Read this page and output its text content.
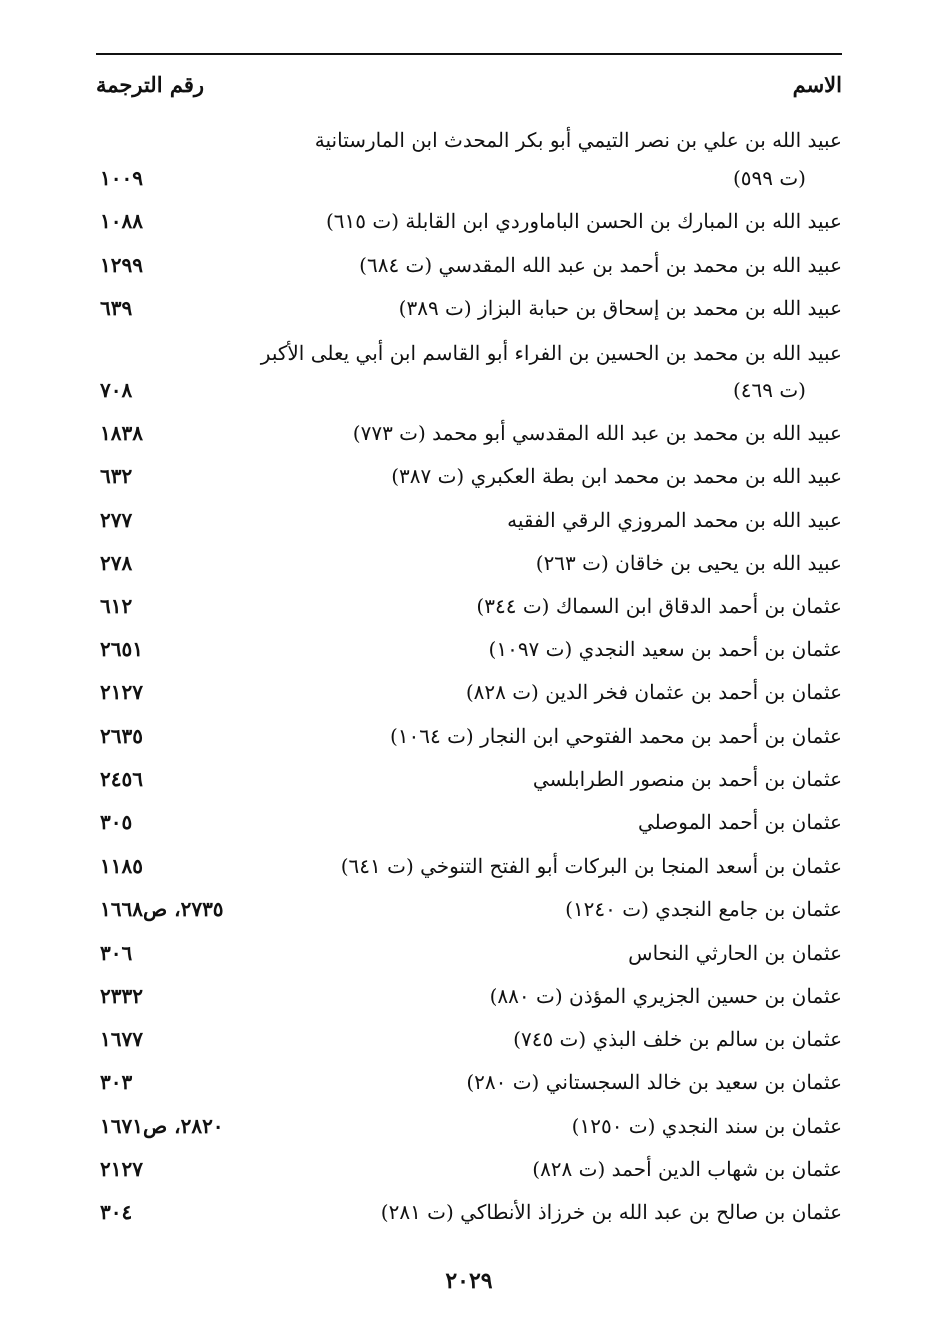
الاسم
رقم الترجمة
عبيد الله بن علي بن نصر التيمي أبو بكر المحدث ابن المارستانية
(ت ٥٩٩)
١٠٠٩
عبيد الله بن المبارك بن الحسن الباماوردي ابن القابلة (ت ٦١٥)
١٠٨٨
عبيد الله بن محمد بن أحمد بن عبد الله المقدسي (ت ٦٨٤)
١٢٩٩
عبيد الله بن محمد بن إسحاق بن حبابة البزاز (ت ٣٨٩)
٦٣٩
عبيد الله بن محمد بن الحسين بن الفراء أبو القاسم ابن أبي يعلى الأكبر
(ت ٤٦٩)
٧٠٨
عبيد الله بن محمد بن عبد الله المقدسي أبو محمد (ت ٧٧٣)
١٨٣٨
عبيد الله بن محمد بن محمد ابن بطة العكبري (ت ٣٨٧)
٦٣٢
عبيد الله بن محمد المروزي الرقي الفقيه
٢٧٧
عبيد الله بن يحيى بن خاقان (ت ٢٦٣)
٢٧٨
عثمان بن أحمد الدقاق ابن السماك (ت ٣٤٤)
٦١٢
عثمان بن أحمد بن سعيد النجدي (ت ١٠٩٧)
٢٦٥١
عثمان بن أحمد بن عثمان فخر الدين (ت ٨٢٨)
٢١٢٧
عثمان بن أحمد بن محمد الفتوحي ابن النجار (ت ١٠٦٤)
٢٦٣٥
عثمان بن أحمد بن منصور الطرابلسي
٢٤٥٦
عثمان بن أحمد الموصلي
٣٠٥
عثمان بن أسعد المنجا بن البركات أبو الفتح التنوخي (ت ٦٤١)
١١٨٥
عثمان بن جامع النجدي (ت ١٢٤٠)
٢٧٣٥، ص١٦٦٨
عثمان بن الحارثي النحاس
٣٠٦
عثمان بن حسين الجزيري المؤذن (ت ٨٨٠)
٢٣٣٢
عثمان بن سالم بن خلف البذي (ت ٧٤٥)
١٦٧٧
عثمان بن سعيد بن خالد السجستاني (ت ٢٨٠)
٣٠٣
عثمان بن سند النجدي (ت ١٢٥٠)
٢٨٢٠، ص١٦٧١
عثمان بن شهاب الدين أحمد (ت ٨٢٨)
٢١٢٧
عثمان بن صالح بن عبد الله بن خرزاذ الأنطاكي (ت ٢٨١)
٣٠٤
٢٠٢٩
